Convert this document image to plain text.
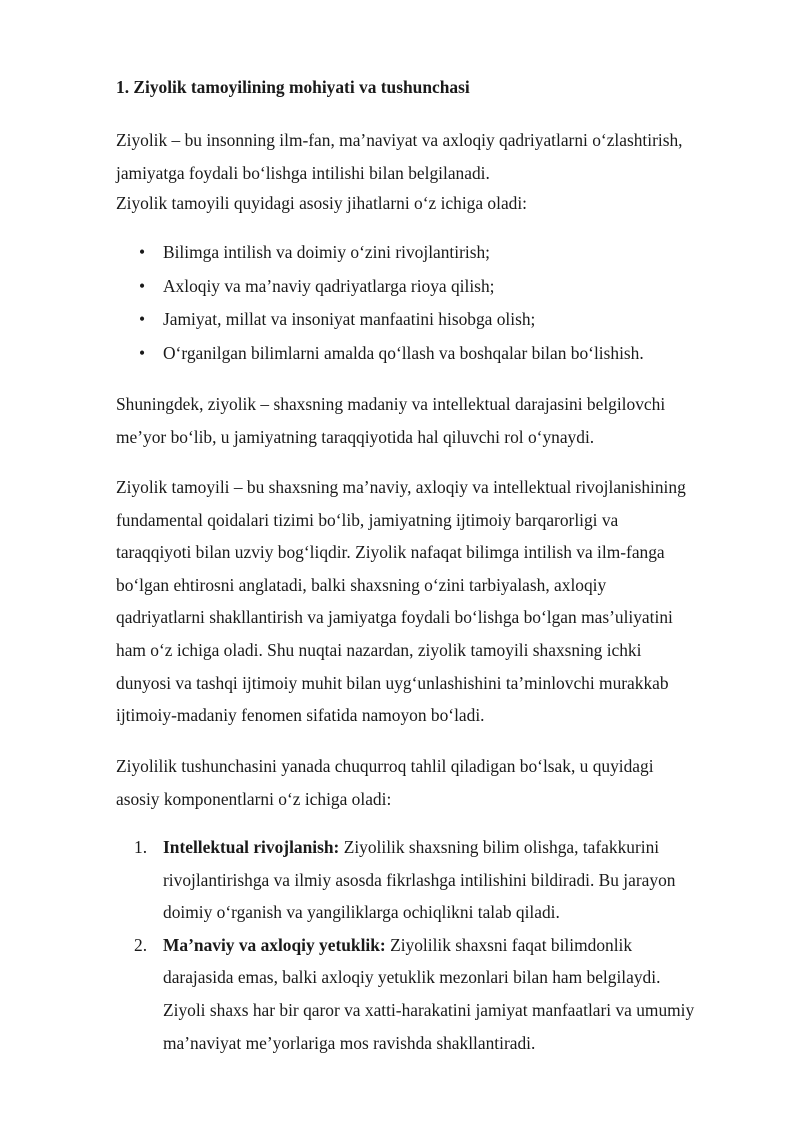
1. Ziyolik tamoyilining mohiyati va tushunchasi
Ziyolik – bu insonning ilm-fan, ma’naviyat va axloqiy qadriyatlarni o‘zlashtirish,
jamiyatga foydali bo‘lishga intilishi bilan belgilanadi.
Ziyolik tamoyili quyidagi asosiy jihatlarni o‘z ichiga oladi:
• Bilimga intilish va doimiy o‘zini rivojlantirish;
• Axloqiy va ma’naviy qadriyatlarga rioya qilish;
• Jamiyat, millat va insoniyat manfaatini hisobga olish;
• O‘rganilgan bilimlarni amalda qo‘llash va boshqalar bilan bo‘lishish.
Shuningdek, ziyolik – shaxsning madaniy va intellektual darajasini belgilovchi
me’yor bo‘lib, u jamiyatning taraqqiyotida hal qiluvchi rol o‘ynaydi.
Ziyolik tamoyili – bu shaxsning ma’naviy, axloqiy va intellektual rivojlanishining
fundamental qoidalari tizimi bo‘lib, jamiyatning ijtimoiy barqarorligi va
taraqqiyoti bilan uzviy bog‘liqdir. Ziyolik nafaqat bilimga intilish va ilm-fanga
bo‘lgan ehtirosni anglatadi, balki shaxsning o‘zini tarbiyalash, axloqiy
qadriyatlarni shakllantirish va jamiyatga foydali bo‘lishga bo‘lgan mas’uliyatini
ham o‘z ichiga oladi. Shu nuqtai nazardan, ziyolik tamoyili shaxsning ichki
dunyosi va tashqi ijtimoiy muhit bilan uyg‘unlashishini ta’minlovchi murakkab
ijtimoiy-madaniy fenomen sifatida namoyon bo‘ladi.
Ziyolilik tushunchasini yanada chuqurroq tahlil qiladigan bo‘lsak, u quyidagi
asosiy komponentlarni o‘z ichiga oladi:
1. Intellektual rivojlanish: Ziyolilik shaxsning bilim olishga, tafakkurini
rivojlantirishga va ilmiy asosda fikrlashga intilishini bildiradi. Bu jarayon
doimiy o‘rganish va yangiliklarga ochiqlikni talab qiladi.
2. Ma’naviy va axloqiy yetuklik: Ziyolilik shaxsni faqat bilimdonlik
darajasida emas, balki axloqiy yetuklik mezonlari bilan ham belgilaydi.
Ziyoli shaxs har bir qaror va xatti-harakatini jamiyat manfaatlari va umumiy
ma’naviyat me’yorlariga mos ravishda shakllantiradi.
